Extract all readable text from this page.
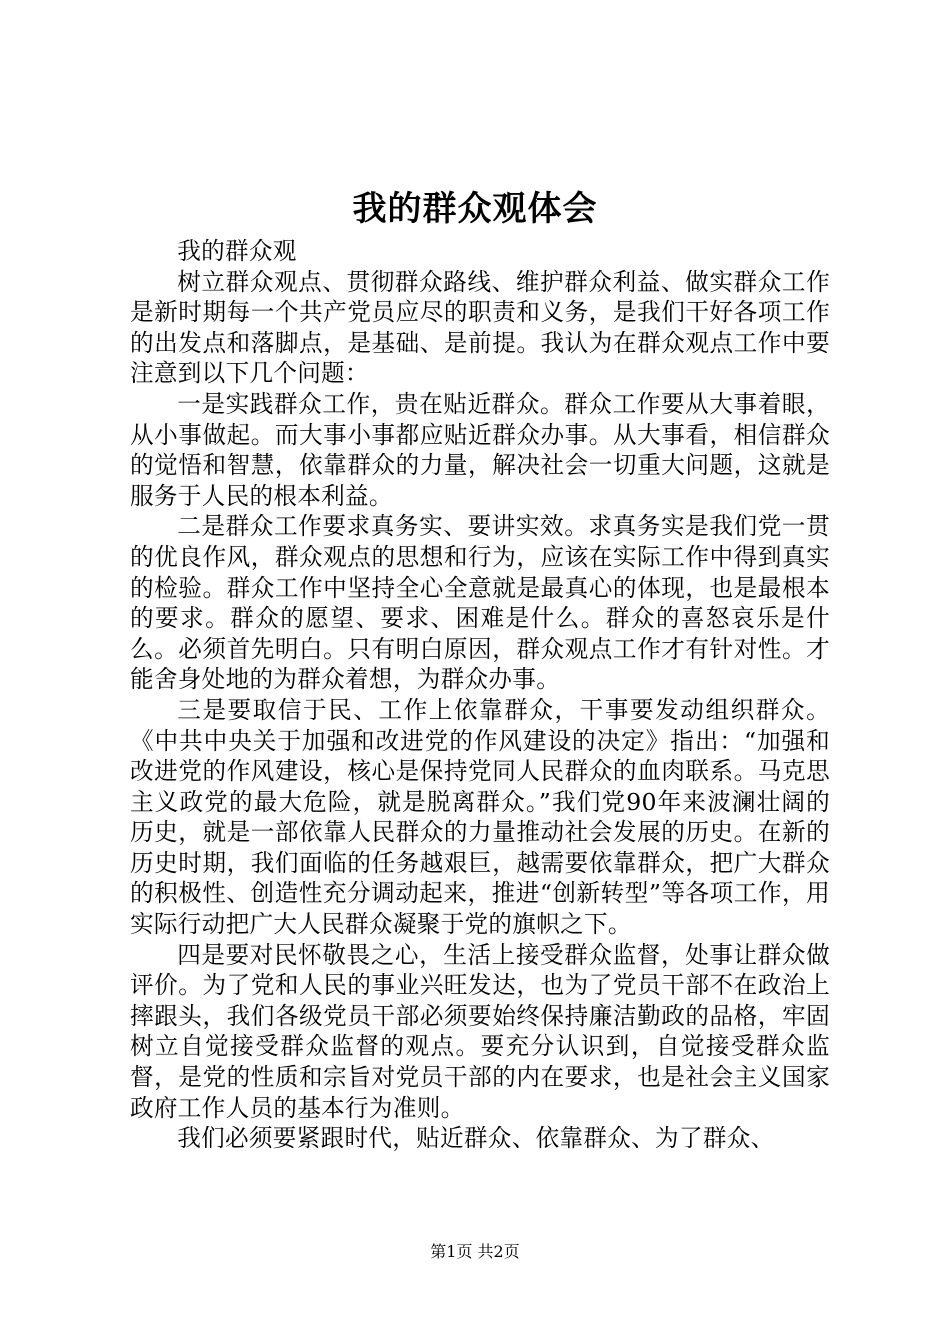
我的群众观体会

我的群众观

树立群众观点、贯彻群众路线、维护群众利益、做实群众工作是新时期每一个共产党员应尽的职责和义务，是我们干好各项工作的出发点和落脚点，是基础、是前提。我认为在群众观点工作中要注意到以下几个问题：

一是实践群众工作，贵在贴近群众。群众工作要从大事着眼，从小事做起。而大事小事都应贴近群众办事。从大事看，相信群众的觉悟和智慧，依靠群众的力量，解决社会一切重大问题，这就是服务于人民的根本利益。

二是群众工作要求真务实、要讲实效。求真务实是我们党一贯的优良作风，群众观点的思想和行为，应该在实际工作中得到真实的检验。群众工作中坚持全心全意就是最真心的体现，也是最根本的要求。群众的愿望、要求、困难是什么。群众的喜怒哀乐是什么。必须首先明白。只有明白原因，群众观点工作才有针对性。才能舍身处地的为群众着想，为群众办事。

三是要取信于民、工作上依靠群众，干事要发动组织群众。《中共中央关于加强和改进党的作风建设的决定》指出：“加强和改进党的作风建设，核心是保持党同人民群众的血肉联系。马克思主义政党的最大危险，就是脱离群众。”我们党90年来波澜壮阔的历史，就是一部依靠人民群众的力量推动社会发展的历史。在新的历史时期，我们面临的任务越艰巨，越需要依靠群众，把广大群众的积极性、创造性充分调动起来，推进“创新转型”等各项工作，用实际行动把广大人民群众凝聚于党的旗帜之下。

四是要对民怀敬畏之心，生活上接受群众监督，处事让群众做评价。为了党和人民的事业兴旺发达，也为了党员干部不在政治上摔跟头，我们各级党员干部必须要始终保持廉洁勤政的品格，牢固树立自觉接受群众监督的观点。要充分认识到，自觉接受群众监督，是党的性质和宗旨对党员干部的内在要求，也是社会主义国家政府工作人员的基本行为准则。

我们必须要紧跟时代，贴近群众、依靠群众、为了群众、

第1页 共2页
